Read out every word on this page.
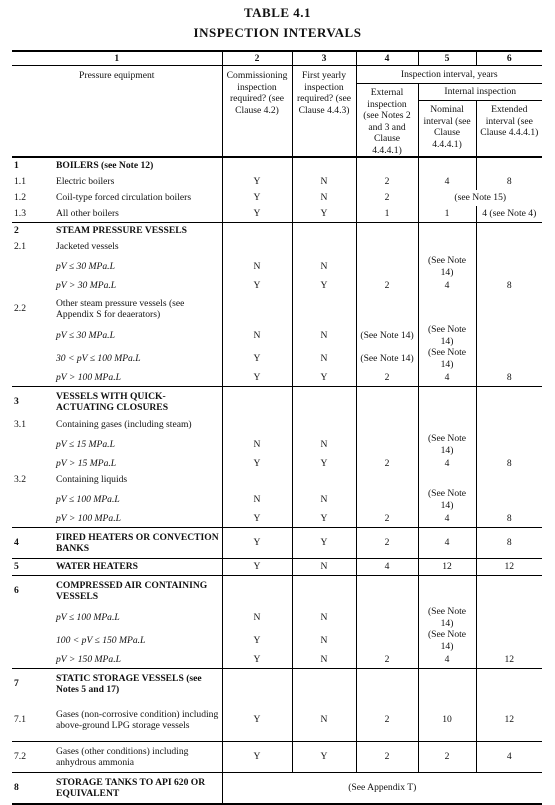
TABLE 4.1
INSPECTION INTERVALS
1		2	3	4	5	6
Pressure equipment		Commissioning inspection required? (see Clause 4.2)	First yearly inspection required? (see Clause 4.4.3)	Inspection interval, years		
				External inspection (see Notes 2 and 3 and Clause 4.4.4.1)	Internal inspection	
					Nominal interval (see Clause 4.4.4.1)	Extended interval (see Clause 4.4.4.1)
1	BOILERS (see Note 12)					
1.1	Electric boilers	Y	N	2	4	8
1.2	Coil-type forced circulation boilers	Y	N	2	(see Note 15)	
1.3	All other boilers	Y	Y	1	1	4 (see Note 4)
2	STEAM PRESSURE VESSELS					
2.1	Jacketed vessels					
	pV ≤ 30 MPa.L	N	N		(See Note 14)	
	pV > 30 MPa.L	Y	Y	2	4	8
2.2	Other steam pressure vessels (see Appendix S for deaerators)					
	pV ≤ 30 MPa.L	N	N	(See Note 14)	(See Note 14)	
	30 < pV ≤ 100 MPa.L	Y	N	(See Note 14)	(See Note 14)	
	pV > 100 MPa.L	Y	Y	2	4	8
3	VESSELS WITH QUICK-ACTUATING CLOSURES					
3.1	Containing gases (including steam)					
	pV ≤ 15 MPa.L	N	N		(See Note 14)	
	pV > 15 MPa.L	Y	Y	2	4	8
3.2	Containing liquids					
	pV ≤ 100 MPa.L	N	N		(See Note 14)	
	pV > 100 MPa.L	Y	Y	2	4	8
4	FIRED HEATERS OR CONVECTION BANKS	Y	Y	2	4	8
5	WATER HEATERS	Y	N	4	12	12
6	COMPRESSED AIR CONTAINING VESSELS					
	pV ≤ 100 MPa.L	N	N		(See Note 14)	
	100 < pV ≤ 150 MPa.L	Y	N		(See Note 14)	
	pV > 150 MPa.L	Y	N	2	4	12
7	STATIC STORAGE VESSELS (see Notes 5 and 17)					
7.1	Gases (non-corrosive condition) including above-ground LPG storage vessels	Y	N	2	10	12
7.2	Gases (other conditions) including anhydrous ammonia	Y	Y	2	2	4
8	STORAGE TANKS TO API 620 OR EQUIVALENT	(See Appendix T)				
